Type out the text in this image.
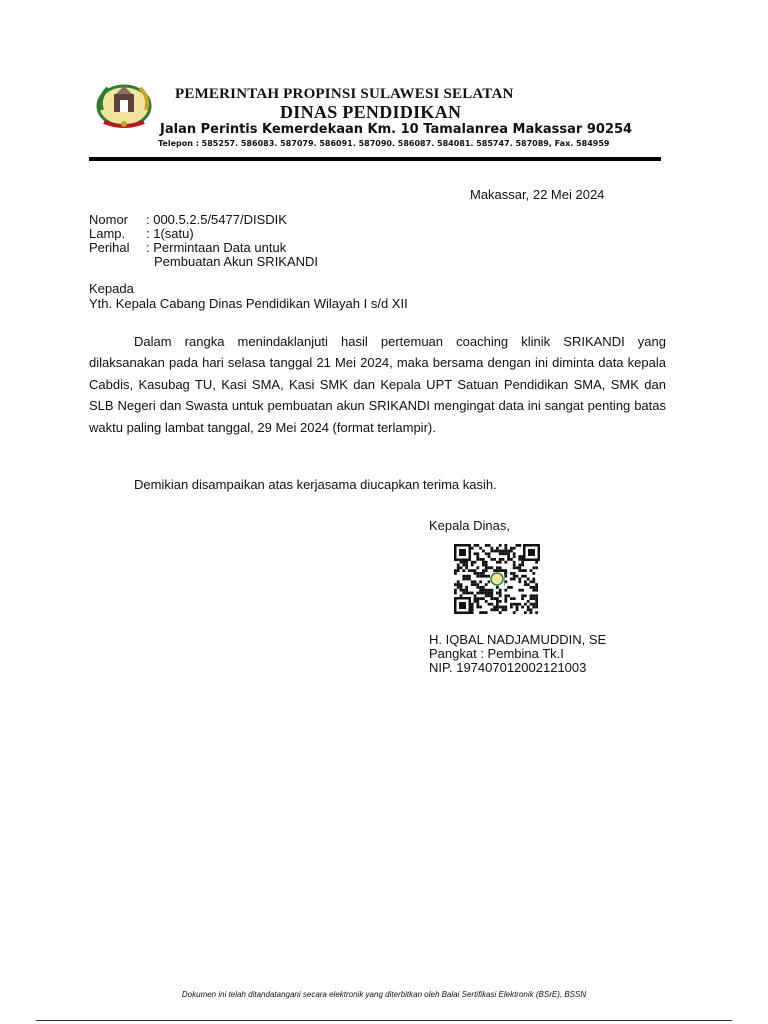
PEMERINTAH PROPINSI SULAWESI SELATAN
DINAS PENDIDIKAN
Jalan Perintis Kemerdekaan Km. 10 Tamalanrea Makassar 90254
Telepon : 585257. 586083. 587079. 586091. 587090. 586087. 584081. 585747. 587089, Fax. 584959
Makassar, 22 Mei 2024
Nomor : 000.5.2.5/5477/DISDIK
Lamp. : 1(satu)
Perihal : Permintaan Data untuk
Pembuatan Akun SRIKANDI
Kepada
Yth. Kepala Cabang Dinas Pendidikan Wilayah I s/d XII
Dalam rangka menindaklanjuti hasil pertemuan coaching klinik SRIKANDI yang dilaksanakan pada hari selasa tanggal 21 Mei 2024, maka bersama dengan ini diminta data kepala Cabdis, Kasubag TU, Kasi SMA, Kasi SMK dan Kepala UPT Satuan Pendidikan SMA, SMK dan SLB Negeri dan Swasta untuk pembuatan akun SRIKANDI mengingat data ini sangat penting batas waktu paling lambat tanggal, 29 Mei 2024 (format terlampir).
Demikian disampaikan atas kerjasama diucapkan terima kasih.
Kepala Dinas,
H. IQBAL NADJAMUDDIN, SE
Pangkat : Pembina Tk.I
NIP. 197407012002121003
Dokumen ini telah ditandatangani secara elektronik yang diterbitkan oleh Balai Sertifikasi Elektronik (BSrE), BSSN
